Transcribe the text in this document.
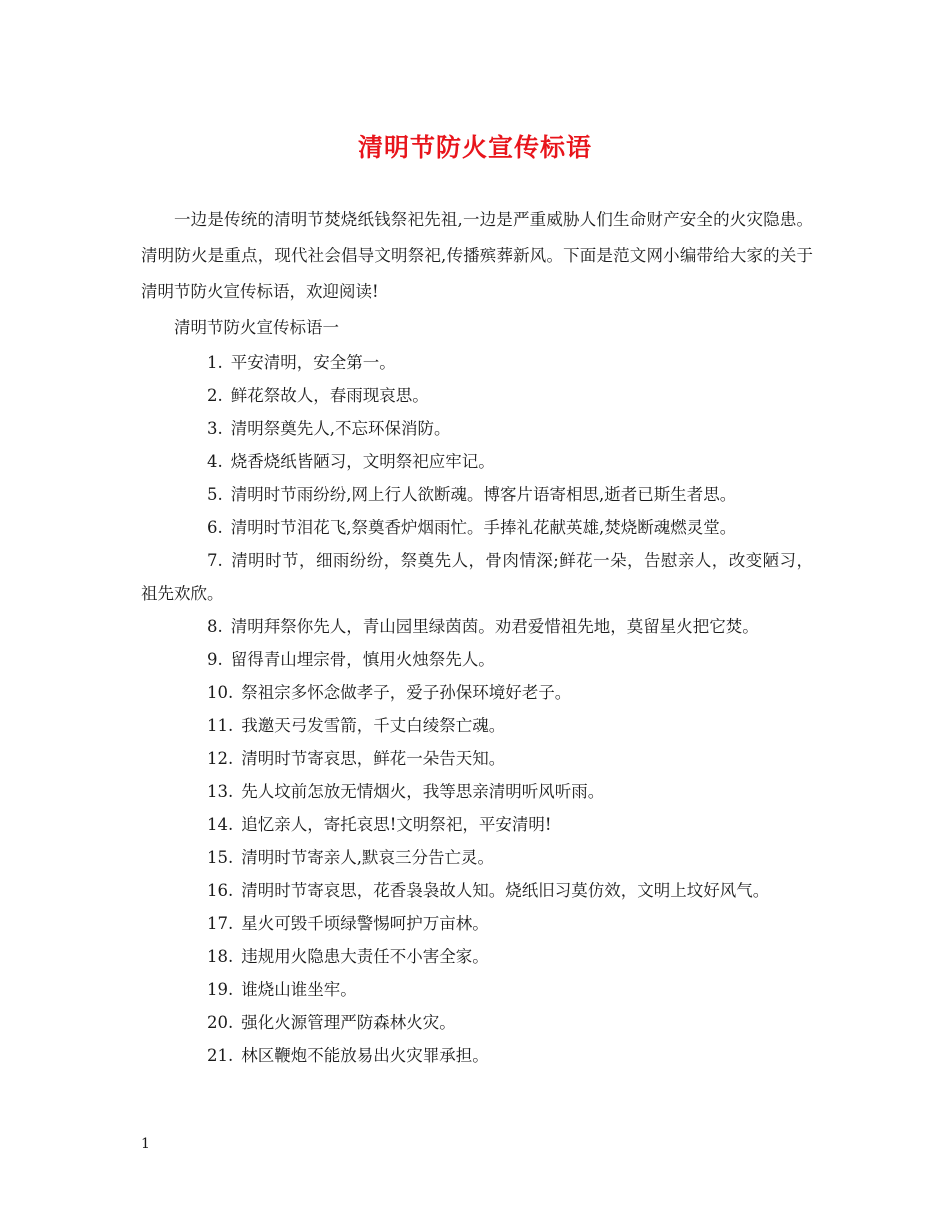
清明节防火宣传标语

一边是传统的清明节焚烧纸钱祭祀先祖,一边是严重威胁人们生命财产安全的火灾隐患。清明防火是重点，现代社会倡导文明祭祀,传播殡葬新风。下面是范文网小编带给大家的关于清明节防火宣传标语，欢迎阅读!

清明节防火宣传标语一

1. 平安清明，安全第一。
2. 鲜花祭故人，春雨现哀思。
3. 清明祭奠先人,不忘环保消防。
4. 烧香烧纸皆陋习，文明祭祀应牢记。
5. 清明时节雨纷纷,网上行人欲断魂。博客片语寄相思,逝者已斯生者思。
6. 清明时节泪花飞,祭奠香炉烟雨忙。手捧礼花献英雄,焚烧断魂燃灵堂。
7. 清明时节，细雨纷纷，祭奠先人，骨肉情深;鲜花一朵，告慰亲人，改变陋习，祖先欢欣。
8. 清明拜祭你先人，青山园里绿茵茵。劝君爱惜祖先地，莫留星火把它焚。
9. 留得青山埋宗骨，慎用火烛祭先人。
10. 祭祖宗多怀念做孝子，爱子孙保环境好老子。
11. 我邀天弓发雪箭，千丈白绫祭亡魂。
12. 清明时节寄哀思，鲜花一朵告天知。
13. 先人坟前怎放无情烟火，我等思亲清明听风听雨。
14. 追忆亲人，寄托哀思!文明祭祀，平安清明!
15. 清明时节寄亲人,默哀三分告亡灵。
16. 清明时节寄哀思，花香袅袅故人知。烧纸旧习莫仿效，文明上坟好风气。
17. 星火可毁千顷绿警惕呵护万亩林。
18. 违规用火隐患大责任不小害全家。
19. 谁烧山谁坐牢。
20. 强化火源管理严防森林火灾。
21. 林区鞭炮不能放易出火灾罪承担。
1
